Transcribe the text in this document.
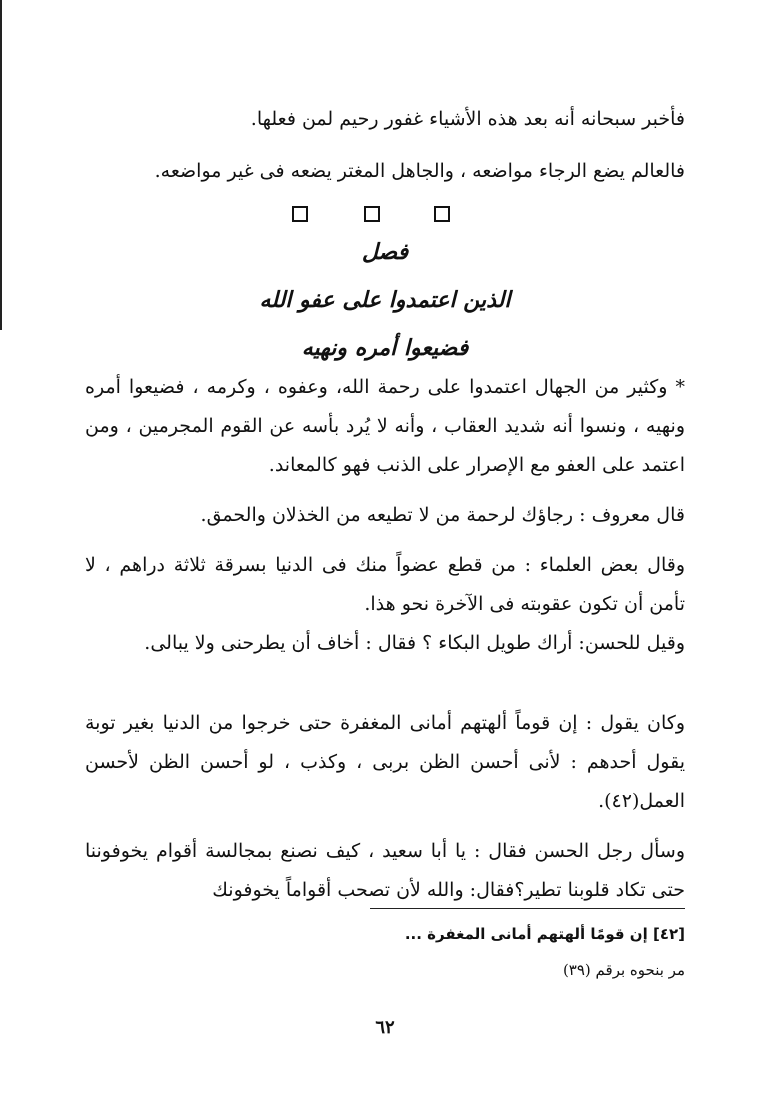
فأخبر سبحانه أنه بعد هذه الأشياء غفور رحيم لمن فعلها.
فالعالم يضع الرجاء مواضعه ، والجاهل المغتر يضعه فى غير مواضعه.
فصل
الذين اعتمدوا على عفو الله
فضيعوا أمره ونهيه
* وكثير من الجهال اعتمدوا على رحمة الله، وعفوه ، وكرمه ، فضيعوا أمره ونهيه ، ونسوا أنه شديد العقاب ، وأنه لا يُرد بأسه عن القوم المجرمين ، ومن اعتمد على العفو مع الإصرار على الذنب فهو كالمعاند.
قال معروف : رجاؤك لرحمة من لا تطيعه من الخذلان والحمق.
وقال بعض العلماء : من قطع عضواً منك فى الدنيا بسرقة ثلاثة دراهم ، لا تأمن أن تكون عقوبته فى الآخرة نحو هذا.
وقيل للحسن: أراك طويل البكاء ؟ فقال : أخاف أن يطرحنى ولا يبالى.
وكان يقول : إن قوماً ألهتهم أمانى المغفرة حتى خرجوا من الدنيا بغير توبة يقول أحدهم : لأنى أحسن الظن بربى ، وكذب ، لو أحسن الظن لأحسن العمل(٤٢).
وسأل رجل الحسن فقال : يا أبا سعيد ، كيف نصنع بمجالسة أقوام يخوفوننا حتى تكاد قلوبنا تطير؟فقال: والله لأن تصحب أقواماً يخوفونك
[٤٢] إن قومًا ألهتهم أمانى المغفرة ...
مر بنحوه برقم (٣٩)
٦٢
